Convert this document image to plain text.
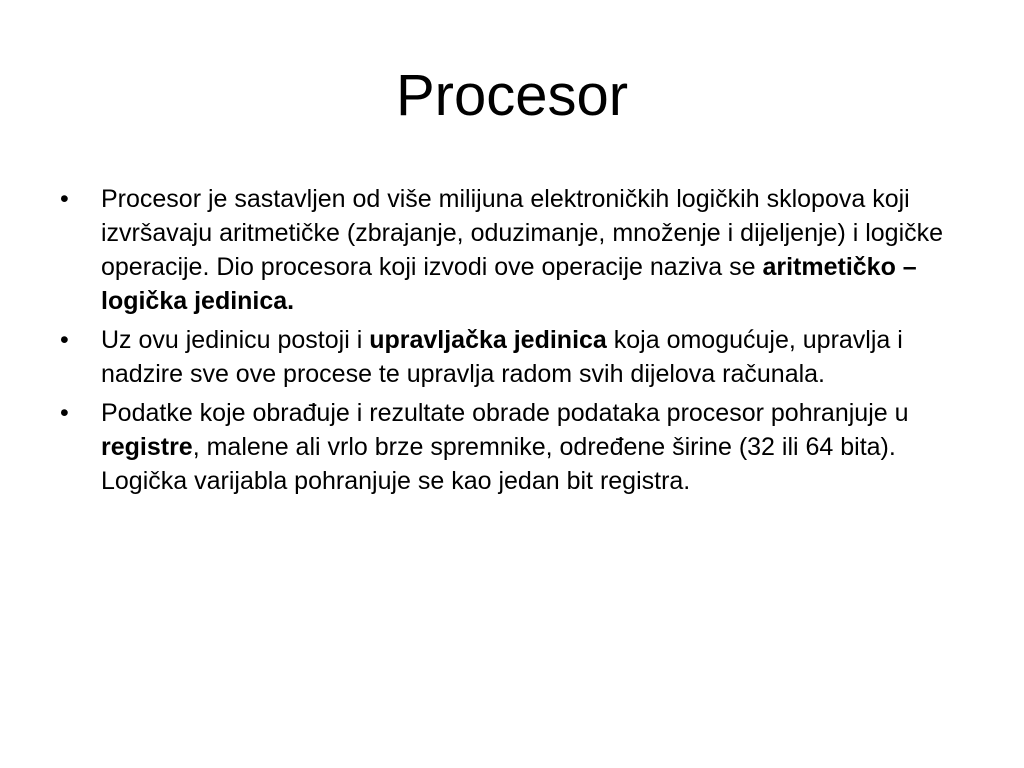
Procesor
• Procesor je sastavljen od više milijuna elektroničkih logičkih sklopova koji izvršavaju aritmetičke (zbrajanje, oduzimanje, množenje i dijeljenje) i logičke operacije. Dio procesora koji izvodi ove operacije naziva se aritmetičko – logička jedinica.
• Uz ovu jedinicu postoji i upravljačka jedinica koja omogućuje, upravlja i nadzire sve ove procese te upravlja radom svih dijelova računala.
• Podatke koje obrađuje i rezultate obrade podataka procesor pohranjuje u registre, malene ali vrlo brze spremnike, određene širine (32 ili 64 bita). Logička varijabla pohranjuje se kao jedan bit registra.
